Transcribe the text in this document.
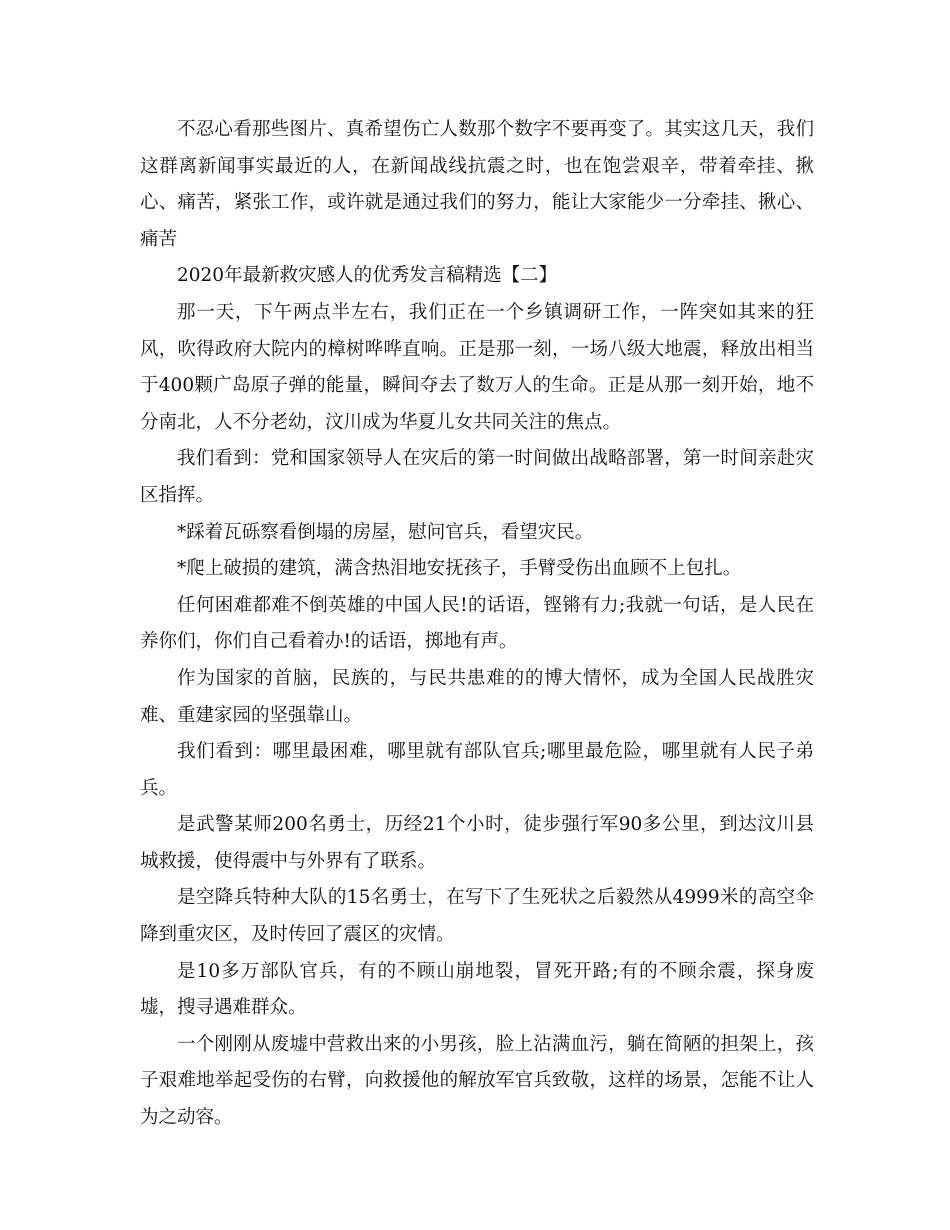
不忍心看那些图片、真希望伤亡人数那个数字不要再变了。其实这几天，我们这群离新闻事实最近的人，在新闻战线抗震之时，也在饱尝艰辛，带着牵挂、揪心、痛苦，紧张工作，或许就是通过我们的努力，能让大家能少一分牵挂、揪心、痛苦

2020年最新救灾感人的优秀发言稿精选【二】

那一天，下午两点半左右，我们正在一个乡镇调研工作，一阵突如其来的狂风，吹得政府大院内的樟树哗哗直响。正是那一刻，一场八级大地震，释放出相当于400颗广岛原子弹的能量，瞬间夺去了数万人的生命。正是从那一刻开始，地不分南北，人不分老幼，汶川成为华夏儿女共同关注的焦点。

我们看到：党和国家领导人在灾后的第一时间做出战略部署，第一时间亲赴灾区指挥。

*踩着瓦砾察看倒塌的房屋，慰问官兵，看望灾民。

*爬上破损的建筑，满含热泪地安抚孩子，手臂受伤出血顾不上包扎。

任何困难都难不倒英雄的中国人民!的话语，铿锵有力;我就一句话，是人民在养你们，你们自己看着办!的话语，掷地有声。

作为国家的首脑，民族的，与民共患难的的博大情怀，成为全国人民战胜灾难、重建家园的坚强靠山。

我们看到：哪里最困难，哪里就有部队官兵;哪里最危险，哪里就有人民子弟兵。

是武警某师200名勇士，历经21个小时，徒步强行军90多公里，到达汶川县城救援，使得震中与外界有了联系。

是空降兵特种大队的15名勇士，在写下了生死状之后毅然从4999米的高空伞降到重灾区，及时传回了震区的灾情。

是10多万部队官兵，有的不顾山崩地裂，冒死开路;有的不顾余震，探身废墟，搜寻遇难群众。

一个刚刚从废墟中营救出来的小男孩，脸上沾满血污，躺在简陋的担架上，孩子艰难地举起受伤的右臂，向救援他的解放军官兵致敬，这样的场景，怎能不让人为之动容。
